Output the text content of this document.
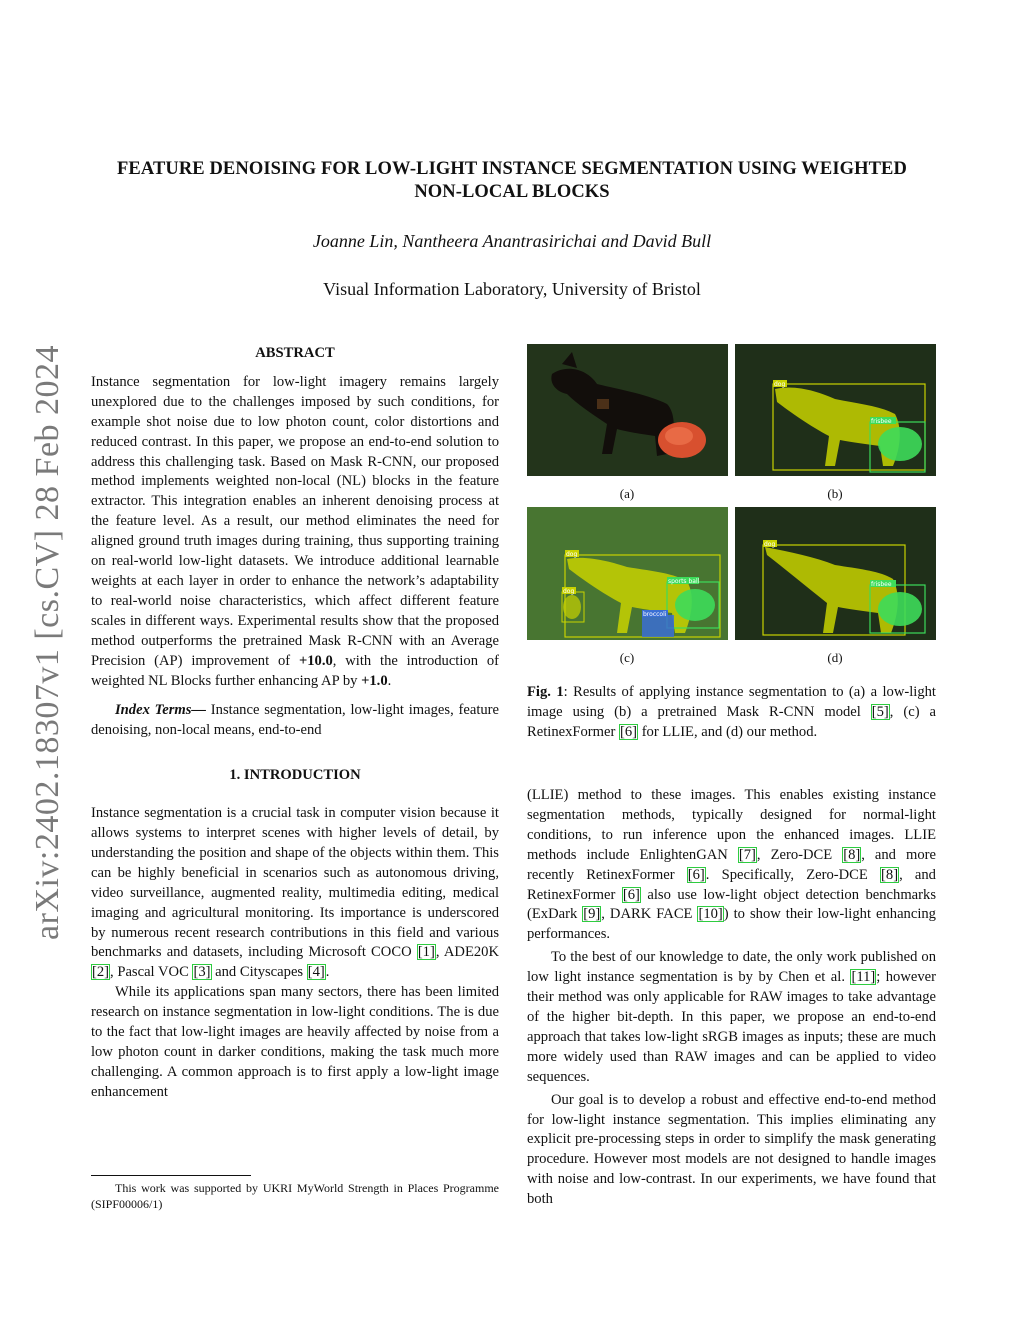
arXiv:2402.18307v1 [cs.CV] 28 Feb 2024
FEATURE DENOISING FOR LOW-LIGHT INSTANCE SEGMENTATION USING WEIGHTED
NON-LOCAL BLOCKS
Joanne Lin, Nantheera Anantrasirichai and David Bull
Visual Information Laboratory, University of Bristol
ABSTRACT

Instance segmentation for low-light imagery remains largely unexplored due to the challenges imposed by such conditions, for example shot noise due to low photon count, color distortions and reduced contrast. In this paper, we propose an end-to-end solution to address this challenging task. Based on Mask R-CNN, our proposed method implements weighted non-local (NL) blocks in the feature extractor. This integration enables an inherent denoising process at the feature level. As a result, our method eliminates the need for aligned ground truth images during training, thus supporting training on real-world low-light datasets. We introduce additional learnable weights at each layer in order to enhance the network’s adaptability to real-world noise characteristics, which affect different feature scales in different ways. Experimental results show that the proposed method outperforms the pretrained Mask R-CNN with an Average Precision (AP) improvement of +10.0, with the introduction of weighted NL Blocks further enhancing AP by +1.0.

Index Terms— Instance segmentation, low-light images, feature denoising, non-local means, end-to-end

1. INTRODUCTION

Instance segmentation is a crucial task in computer vision because it allows systems to interpret scenes with higher levels of detail, by understanding the position and shape of the objects within them. This can be highly beneficial in scenarios such as autonomous driving, video surveillance, augmented reality, multimedia editing, medical imaging and agricultural monitoring. Its importance is underscored by numerous recent research contributions in this field and various benchmarks and datasets, including Microsoft COCO [1], ADE20K [2], Pascal VOC [3] and Cityscapes [4].

While its applications span many sectors, there has been limited research on instance segmentation in low-light conditions. The is due to the fact that low-light images are heavily affected by noise from a low photon count in darker conditions, making the task much more challenging. A common approach is to first apply a low-light image enhancement

This work was supported by UKRI MyWorld Strength in Places Programme (SIPF00006/1)
dog
frisbee
(a)	(b)
dog
sports ball
broccoli
dog
dog
frisbee
(c)	(d)

Fig. 1: Results of applying instance segmentation to (a) a low-light image using (b) a pretrained Mask R-CNN model [5], (c) a RetinexFormer [6] for LLIE, and (d) our method.

(LLIE) method to these images. This enables existing instance segmentation methods, typically designed for normal-light conditions, to run inference upon the enhanced images. LLIE methods include EnlightenGAN [7], Zero-DCE [8], and more recently RetinexFormer [6]. Specifically, Zero-DCE [8], and RetinexFormer [6] also use low-light object detection benchmarks (ExDark [9], DARK FACE [10]) to show their low-light enhancing performances.

To the best of our knowledge to date, the only work published on low light instance segmentation is by by Chen et al. [11]; however their method was only applicable for RAW images to take advantage of the higher bit-depth. In this paper, we propose an end-to-end approach that takes low-light sRGB images as inputs; these are much more widely used than RAW images and can be applied to video sequences.

Our goal is to develop a robust and effective end-to-end method for low-light instance segmentation. This implies eliminating any explicit pre-processing steps in order to simplify the mask generating procedure. However most models are not designed to handle images with noise and low-contrast. In our experiments, we have found that both
